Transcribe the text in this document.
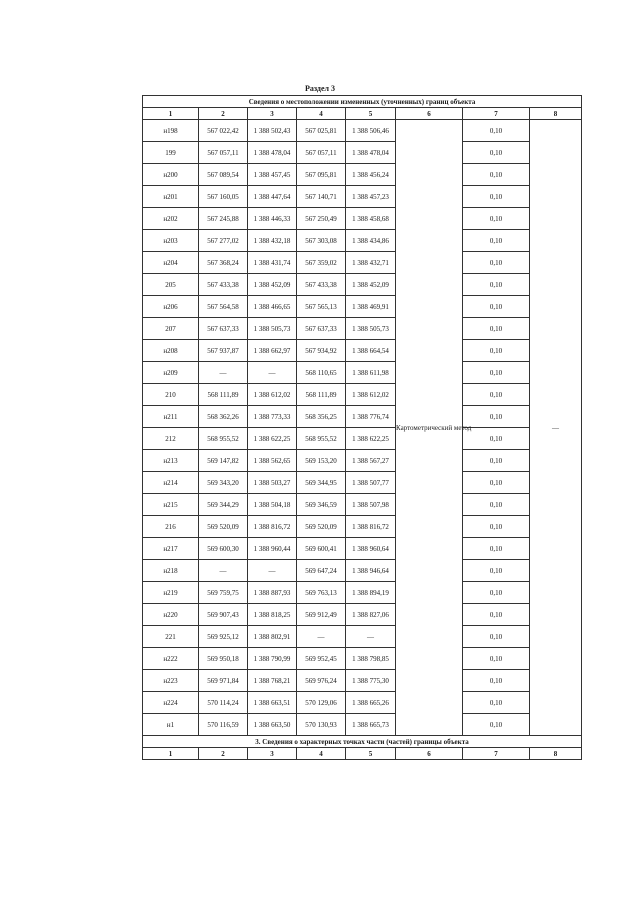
Раздел 3
Сведения о местоположении измененных (уточненных) границ объекта							
1	2	3	4	5	6	7	8
н198	567 022,42	1 388 502,43	567 025,81	1 388 506,46	Картометрический метод	0,10	—
199	567 057,11	1 388 478,04	567 057,11	1 388 478,04		0,10	
н200	567 089,54	1 388 457,45	567 095,81	1 388 456,24		0,10	
н201	567 160,05	1 388 447,64	567 140,71	1 388 457,23		0,10	
н202	567 245,88	1 388 446,33	567 250,49	1 388 458,68		0,10	
н203	567 277,02	1 388 432,18	567 303,08	1 388 434,86		0,10	
н204	567 368,24	1 388 431,74	567 359,02	1 388 432,71		0,10	
205	567 433,38	1 388 452,09	567 433,38	1 388 452,09		0,10	
н206	567 564,58	1 388 466,65	567 565,13	1 388 469,91		0,10	
207	567 637,33	1 388 505,73	567 637,33	1 388 505,73		0,10	
н208	567 937,87	1 388 662,97	567 934,92	1 388 664,54		0,10	
н209	—	—	568 110,65	1 388 611,98		0,10	
210	568 111,89	1 388 612,02	568 111,89	1 388 612,02		0,10	
н211	568 362,26	1 388 773,33	568 356,25	1 388 776,74		0,10	
212	568 955,52	1 388 622,25	568 955,52	1 388 622,25		0,10	
н213	569 147,82	1 388 562,65	569 153,20	1 388 567,27		0,10	
н214	569 343,20	1 388 503,27	569 344,95	1 388 507,77		0,10	
н215	569 344,29	1 388 504,18	569 346,59	1 388 507,98		0,10	
216	569 520,09	1 388 816,72	569 520,09	1 388 816,72		0,10	
н217	569 600,30	1 388 960,44	569 600,41	1 388 960,64		0,10	
н218	—	—	569 647,24	1 388 946,64		0,10	
н219	569 759,75	1 388 887,93	569 763,13	1 388 894,19		0,10	
н220	569 907,43	1 388 818,25	569 912,49	1 388 827,06		0,10	
221	569 925,12	1 388 802,91	—	—		0,10	
н222	569 950,18	1 388 790,99	569 952,45	1 388 798,85		0,10	
н223	569 971,84	1 388 768,21	569 976,24	1 388 775,30		0,10	
н224	570 114,24	1 388 663,51	570 129,06	1 388 665,26		0,10	
н1	570 116,59	1 388 663,50	570 130,93	1 388 665,73		0,10	
3. Сведения о характерных точках части (частей) границы объекта							
1	2	3	4	5	6	7	8
